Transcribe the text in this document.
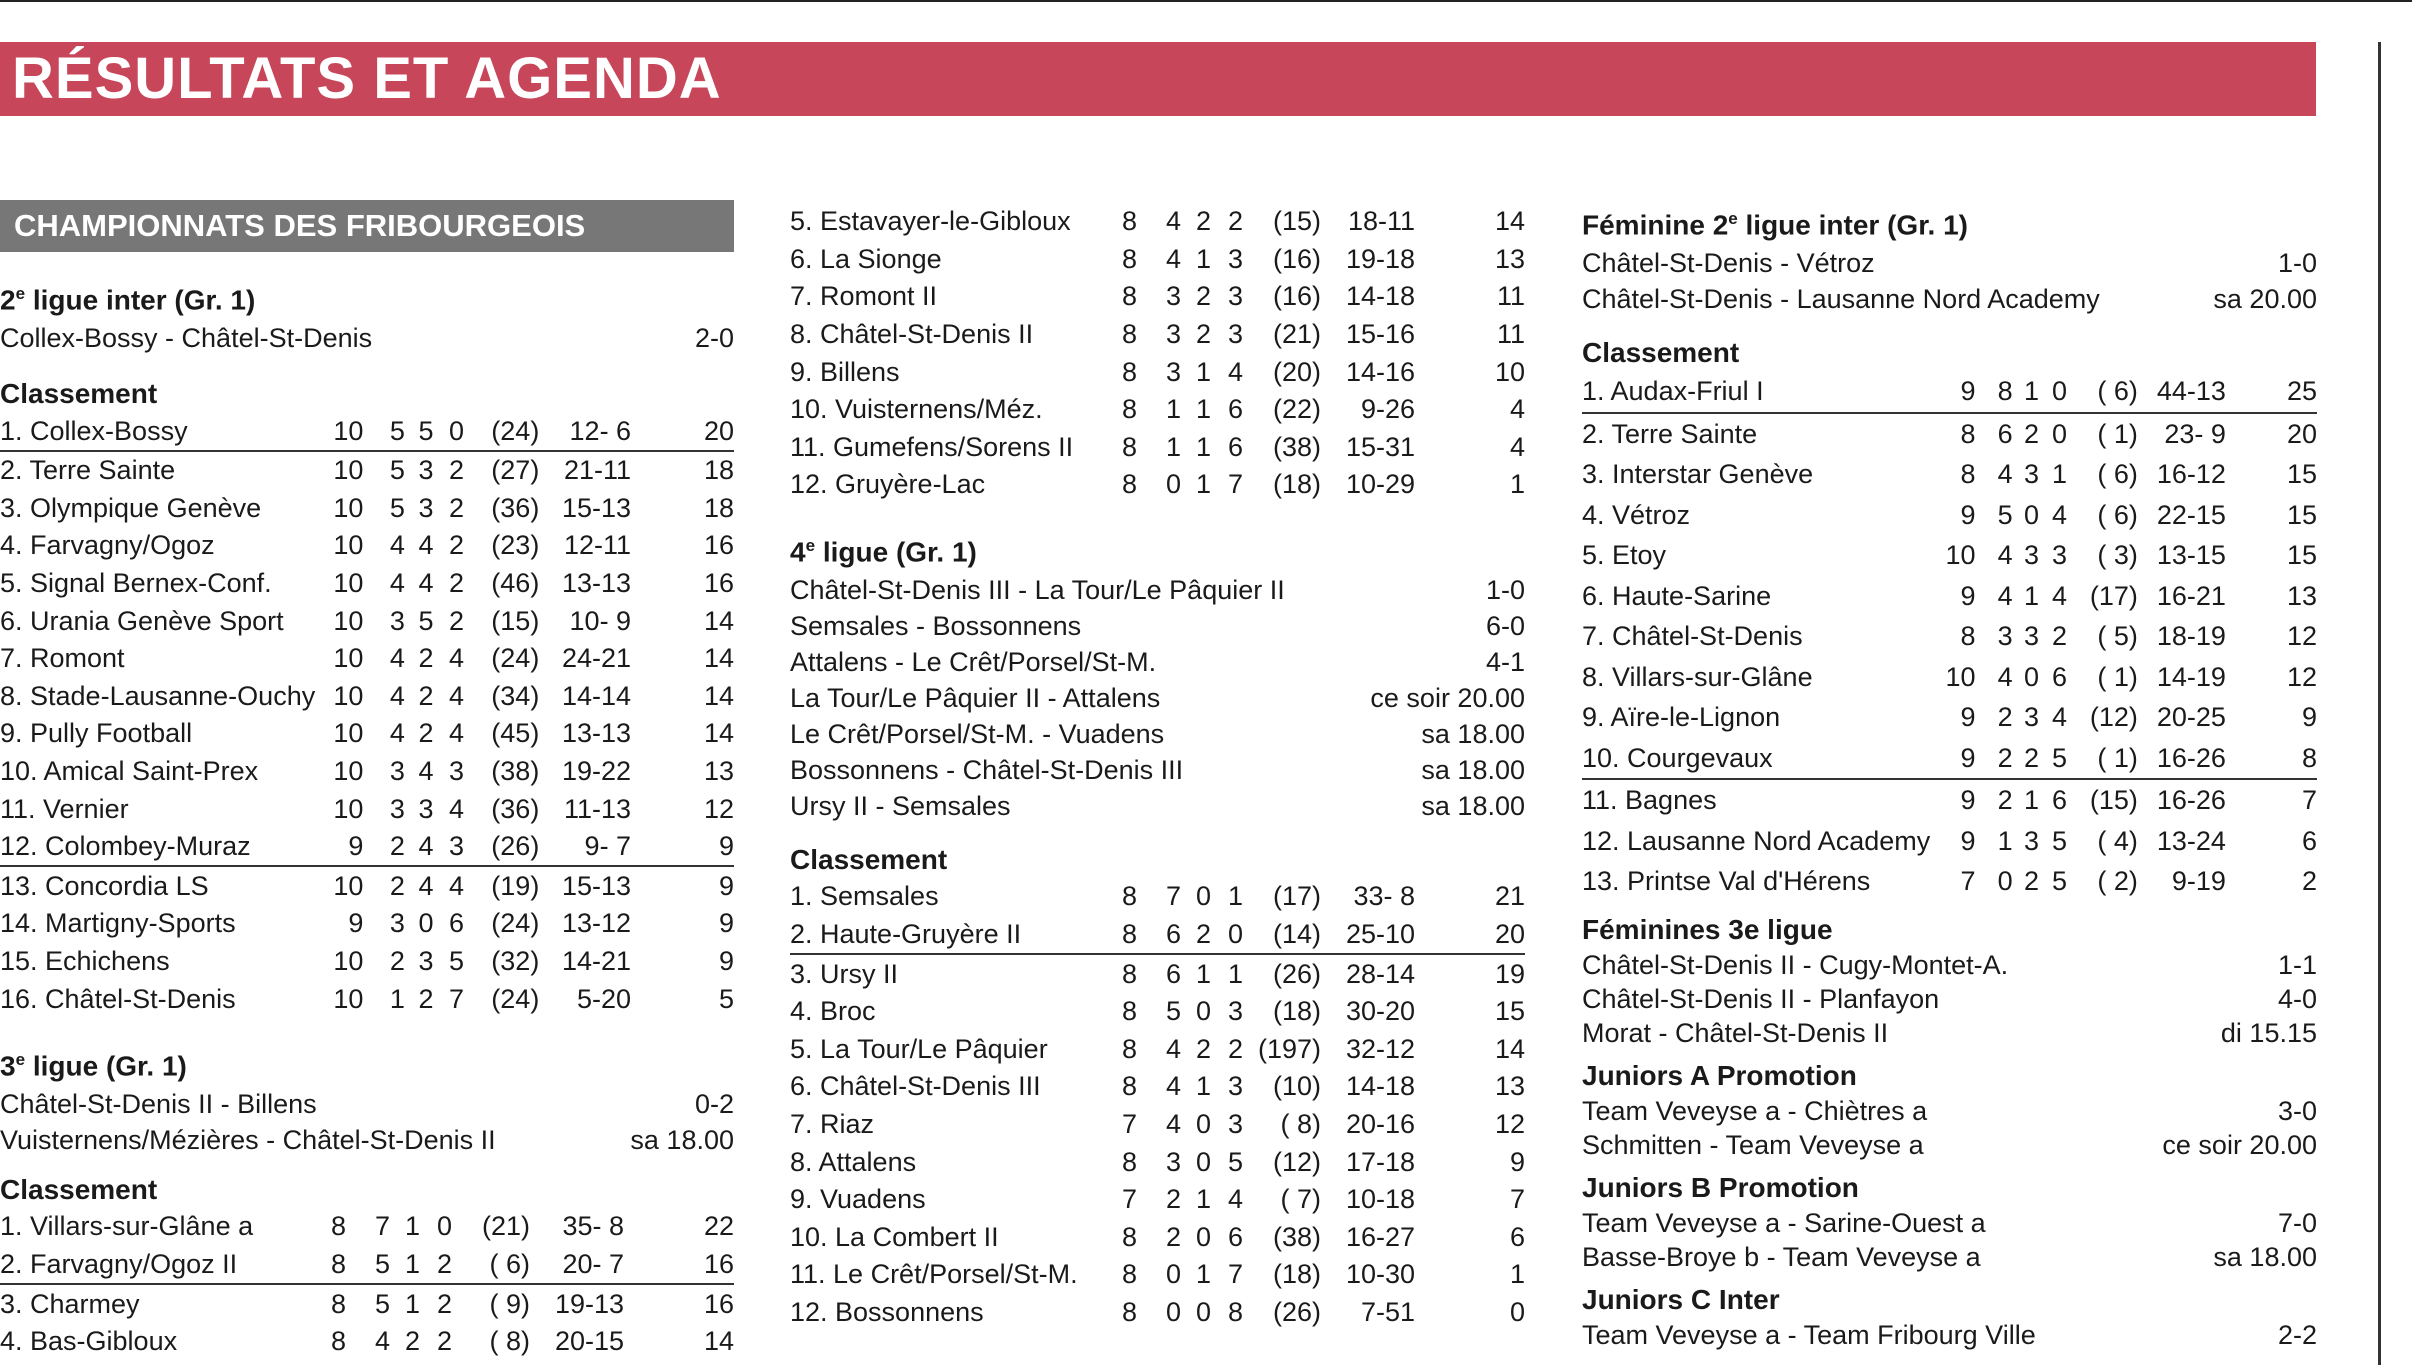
RÉSULTATS ET AGENDA
CHAMPIONNATS DES FRIBOURGEOIS
2e ligue inter (Gr. 1)
Collex-Bossy - Châtel-St-Denis	2-0
Classement
1. Collex-Bossy	10	5	5	0	(24)	12- 6	20
2. Terre Sainte	10	5	3	2	(27)	21-11	18
3. Olympique Genève	10	5	3	2	(36)	15-13	18
4. Farvagny/Ogoz	10	4	4	2	(23)	12-11	16
5. Signal Bernex-Conf.	10	4	4	2	(46)	13-13	16
6. Urania Genève Sport	10	3	5	2	(15)	10- 9	14
7. Romont	10	4	2	4	(24)	24-21	14
8. Stade-Lausanne-Ouchy	10	4	2	4	(34)	14-14	14
9. Pully Football	10	4	2	4	(45)	13-13	14
10. Amical Saint-Prex	10	3	4	3	(38)	19-22	13
11. Vernier	10	3	3	4	(36)	11-13	12
12. Colombey-Muraz	9	2	4	3	(26)	9- 7	9
13. Concordia LS	10	2	4	4	(19)	15-13	9
14. Martigny-Sports	9	3	0	6	(24)	13-12	9
15. Echichens	10	2	3	5	(32)	14-21	9
16. Châtel-St-Denis	10	1	2	7	(24)	5-20	5
3e ligue (Gr. 1)
Châtel-St-Denis II - Billens	0-2
Vuisternens/Mézières - Châtel-St-Denis II	sa 18.00
Classement
1. Villars-sur-Glâne a	8	7	1	0	(21)	35- 8	22
2. Farvagny/Ogoz II	8	5	1	2	( 6)	20- 7	16
3. Charmey	8	5	1	2	( 9)	19-13	16
4. Bas-Gibloux	8	4	2	2	( 8)	20-15	14
5. Estavayer-le-Gibloux	8	4	2	2	(15)	18-11	14
6. La Sionge	8	4	1	3	(16)	19-18	13
7. Romont II	8	3	2	3	(16)	14-18	11
8. Châtel-St-Denis II	8	3	2	3	(21)	15-16	11
9. Billens	8	3	1	4	(20)	14-16	10
10. Vuisternens/Méz.	8	1	1	6	(22)	9-26	4
11. Gumefens/Sorens II	8	1	1	6	(38)	15-31	4
12. Gruyère-Lac	8	0	1	7	(18)	10-29	1
4e ligue (Gr. 1)
Châtel-St-Denis III - La Tour/Le Pâquier II	1-0
Semsales - Bossonnens	6-0
Attalens - Le Crêt/Porsel/St-M.	4-1
La Tour/Le Pâquier II - Attalens	ce soir 20.00
Le Crêt/Porsel/St-M. - Vuadens	sa 18.00
Bossonnens - Châtel-St-Denis III	sa 18.00
Ursy II - Semsales	sa 18.00
Classement
1. Semsales	8	7	0	1	(17)	33- 8	21
2. Haute-Gruyère II	8	6	2	0	(14)	25-10	20
3. Ursy II	8	6	1	1	(26)	28-14	19
4. Broc	8	5	0	3	(18)	30-20	15
5. La Tour/Le Pâquier	8	4	2	2	(197)	32-12	14
6. Châtel-St-Denis III	8	4	1	3	(10)	14-18	13
7. Riaz	7	4	0	3	( 8)	20-16	12
8. Attalens	8	3	0	5	(12)	17-18	9
9. Vuadens	7	2	1	4	( 7)	10-18	7
10. La Combert II	8	2	0	6	(38)	16-27	6
11. Le Crêt/Porsel/St-M.	8	0	1	7	(18)	10-30	1
12. Bossonnens	8	0	0	8	(26)	7-51	0
Féminine 2e ligue inter (Gr. 1)
Châtel-St-Denis - Vétroz	1-0
Châtel-St-Denis - Lausanne Nord Academy	sa 20.00
Classement
1. Audax-Friul I	9	8	1	0	( 6)	44-13	25
2. Terre Sainte	8	6	2	0	( 1)	23- 9	20
3. Interstar Genève	8	4	3	1	( 6)	16-12	15
4. Vétroz	9	5	0	4	( 6)	22-15	15
5. Etoy	10	4	3	3	( 3)	13-15	15
6. Haute-Sarine	9	4	1	4	(17)	16-21	13
7. Châtel-St-Denis	8	3	3	2	( 5)	18-19	12
8. Villars-sur-Glâne	10	4	0	6	( 1)	14-19	12
9. Aïre-le-Lignon	9	2	3	4	(12)	20-25	9
10. Courgevaux	9	2	2	5	( 1)	16-26	8
11. Bagnes	9	2	1	6	(15)	16-26	7
12. Lausanne Nord Academy	9	1	3	5	( 4)	13-24	6
13. Printse Val d'Hérens	7	0	2	5	( 2)	9-19	2
Féminines 3e ligue
Châtel-St-Denis II - Cugy-Montet-A.	1-1
Châtel-St-Denis II - Planfayon	4-0
Morat - Châtel-St-Denis II	di 15.15
Juniors A Promotion
Team Veveyse a - Chiètres a	3-0
Schmitten - Team Veveyse a	ce soir 20.00
Juniors B Promotion
Team Veveyse a - Sarine-Ouest a	7-0
Basse-Broye b - Team Veveyse a	sa 18.00
Juniors C Inter
Team Veveyse a - Team Fribourg Ville	2-2
